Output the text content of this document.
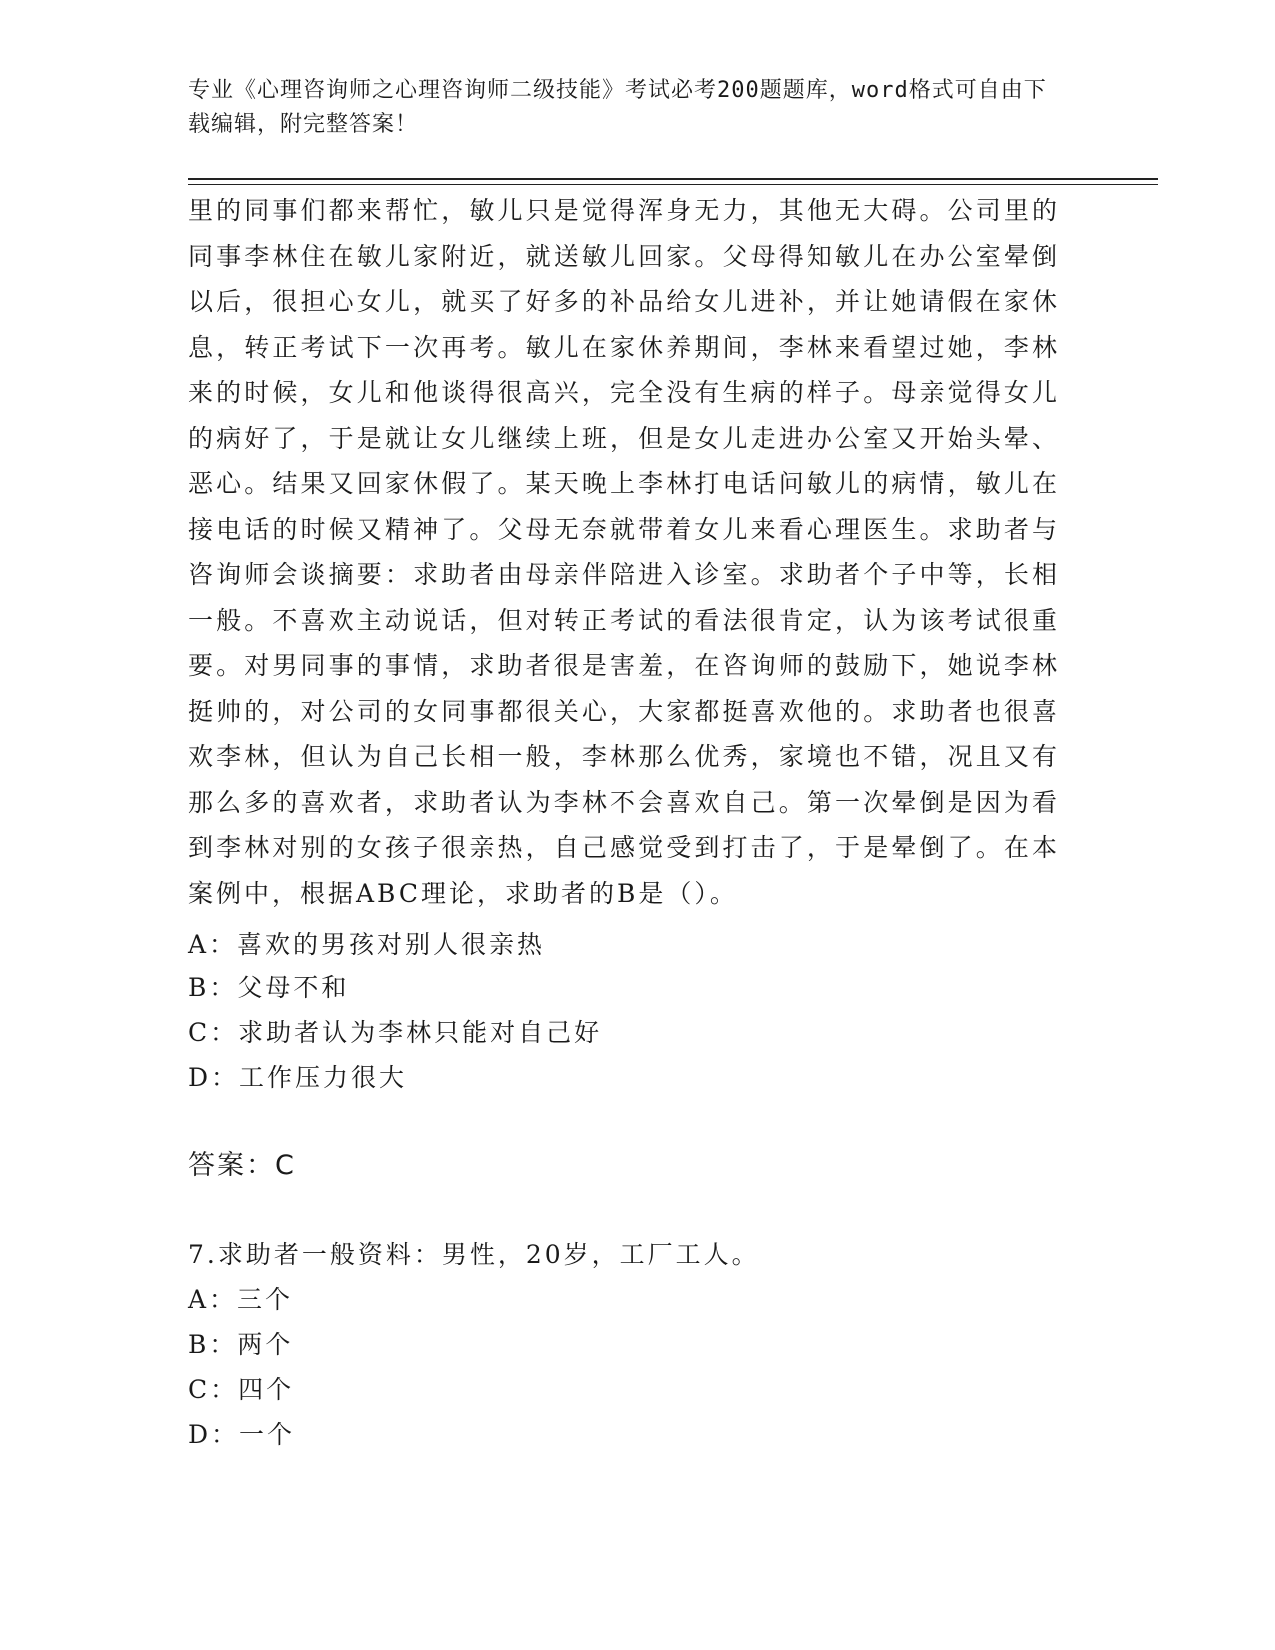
专业《心理咨询师之心理咨询师二级技能》考试必考200题题库，word格式可自由下载编辑，附完整答案！
里的同事们都来帮忙，敏儿只是觉得浑身无力，其他无大碍。公司里的同事李林住在敏儿家附近，就送敏儿回家。父母得知敏儿在办公室晕倒以后，很担心女儿，就买了好多的补品给女儿进补，并让她请假在家休息，转正考试下一次再考。敏儿在家休养期间，李林来看望过她，李林来的时候，女儿和他谈得很高兴，完全没有生病的样子。母亲觉得女儿的病好了，于是就让女儿继续上班，但是女儿走进办公室又开始头晕、恶心。结果又回家休假了。某天晚上李林打电话问敏儿的病情，敏儿在接电话的时候又精神了。父母无奈就带着女儿来看心理医生。求助者与咨询师会谈摘要：求助者由母亲伴陪进入诊室。求助者个子中等，长相一般。不喜欢主动说话，但对转正考试的看法很肯定，认为该考试很重要。对男同事的事情，求助者很是害羞，在咨询师的鼓励下，她说李林挺帅的，对公司的女同事都很关心，大家都挺喜欢他的。求助者也很喜欢李林，但认为自己长相一般，李林那么优秀，家境也不错，况且又有那么多的喜欢者，求助者认为李林不会喜欢自己。第一次晕倒是因为看到李林对别的女孩子很亲热，自己感觉受到打击了，于是晕倒了。在本案例中，根据ABC理论，求助者的B是（）。
A：喜欢的男孩对别人很亲热
B：父母不和
C：求助者认为李林只能对自己好
D：工作压力很大
答案：C
7.求助者一般资料：男性，20岁，工厂工人。
A：三个
B：两个
C：四个
D：一个
